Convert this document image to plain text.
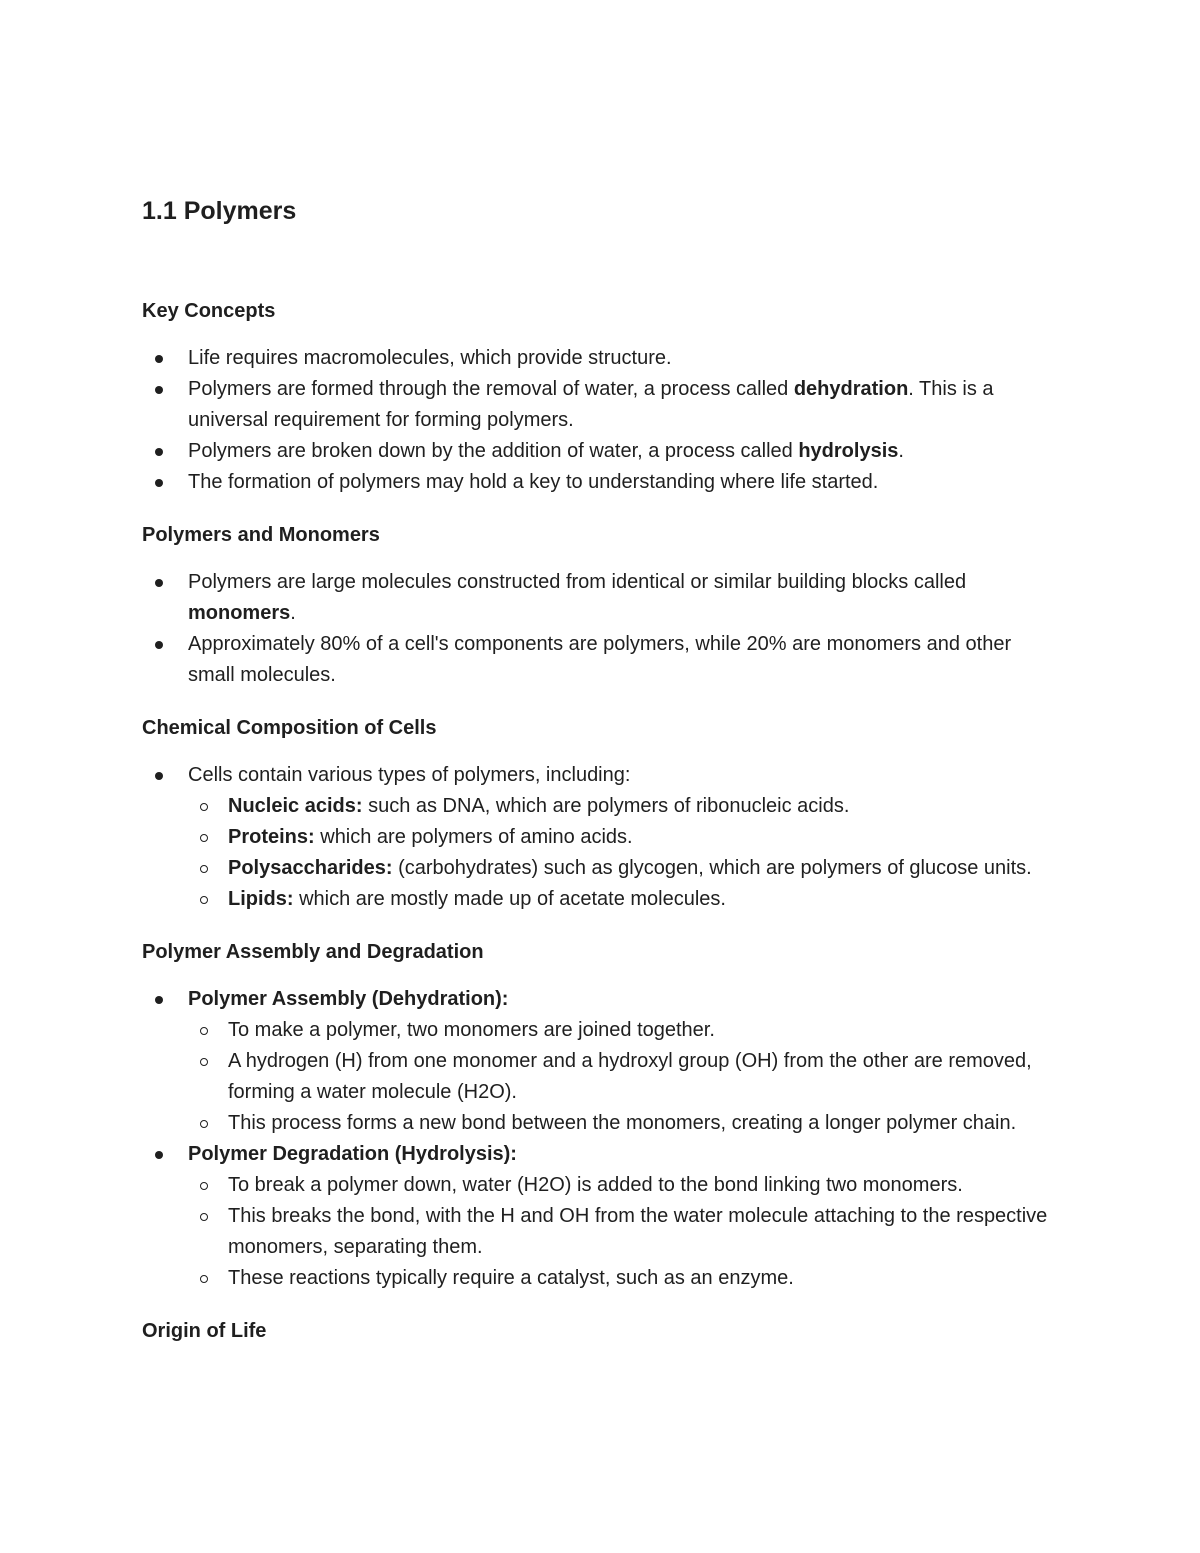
1.1 Polymers
Key Concepts
Life requires macromolecules, which provide structure.
Polymers are formed through the removal of water, a process called dehydration. This is a universal requirement for forming polymers.
Polymers are broken down by the addition of water, a process called hydrolysis.
The formation of polymers may hold a key to understanding where life started.
Polymers and Monomers
Polymers are large molecules constructed from identical or similar building blocks called monomers.
Approximately 80% of a cell's components are polymers, while 20% are monomers and other small molecules.
Chemical Composition of Cells
Cells contain various types of polymers, including:
Nucleic acids: such as DNA, which are polymers of ribonucleic acids.
Proteins: which are polymers of amino acids.
Polysaccharides: (carbohydrates) such as glycogen, which are polymers of glucose units.
Lipids: which are mostly made up of acetate molecules.
Polymer Assembly and Degradation
Polymer Assembly (Dehydration):
To make a polymer, two monomers are joined together.
A hydrogen (H) from one monomer and a hydroxyl group (OH) from the other are removed, forming a water molecule (H2O).
This process forms a new bond between the monomers, creating a longer polymer chain.
Polymer Degradation (Hydrolysis):
To break a polymer down, water (H2O) is added to the bond linking two monomers.
This breaks the bond, with the H and OH from the water molecule attaching to the respective monomers, separating them.
These reactions typically require a catalyst, such as an enzyme.
Origin of Life
